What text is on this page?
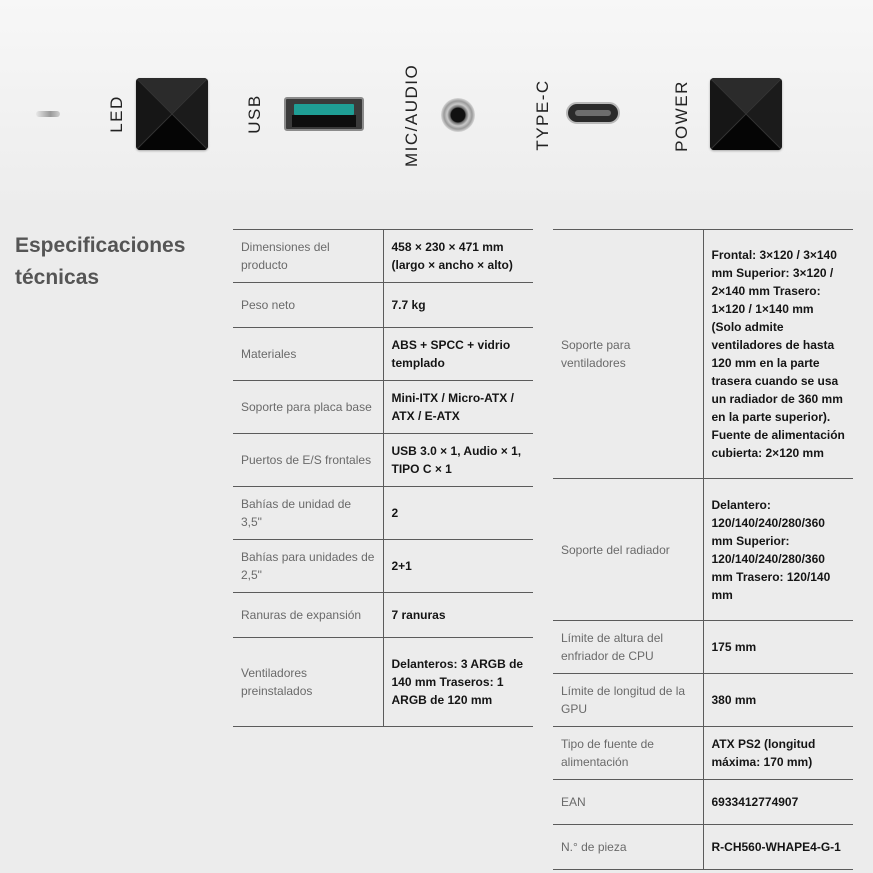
LED	USB	MIC/AUDIO	TYPE-C	POWER
Especificaciones técnicas
Dimensiones del producto	458 × 230 × 471 mm (largo × ancho × alto)
Peso neto	7.7 kg
Materiales	ABS + SPCC + vidrio templado
Soporte para placa base	Mini-ITX / Micro-ATX / ATX / E-ATX
Puertos de E/S frontales	USB 3.0 × 1, Audio × 1, TIPO C × 1
Bahías de unidad de 3,5"	2
Bahías para unidades de 2,5"	2+1
Ranuras de expansión	7 ranuras
Ventiladores preinstalados	Delanteros: 3 ARGB de 140 mm Traseros: 1 ARGB de 120 mm
Soporte para ventiladores	Frontal: 3×120 / 3×140 mm Superior: 3×120 / 2×140 mm Trasero: 1×120 / 1×140 mm (Solo admite ventiladores de hasta 120 mm en la parte trasera cuando se usa un radiador de 360 mm en la parte superior). Fuente de alimentación cubierta: 2×120 mm
Soporte del radiador	Delantero: 120/140/240/280/360 mm Superior: 120/140/240/280/360 mm Trasero: 120/140 mm
Límite de altura del enfriador de CPU	175 mm
Límite de longitud de la GPU	380 mm
Tipo de fuente de alimentación	ATX PS2 (longitud máxima: 170 mm)
EAN	6933412774907
N.° de pieza	R-CH560-WHAPE4-G-1
